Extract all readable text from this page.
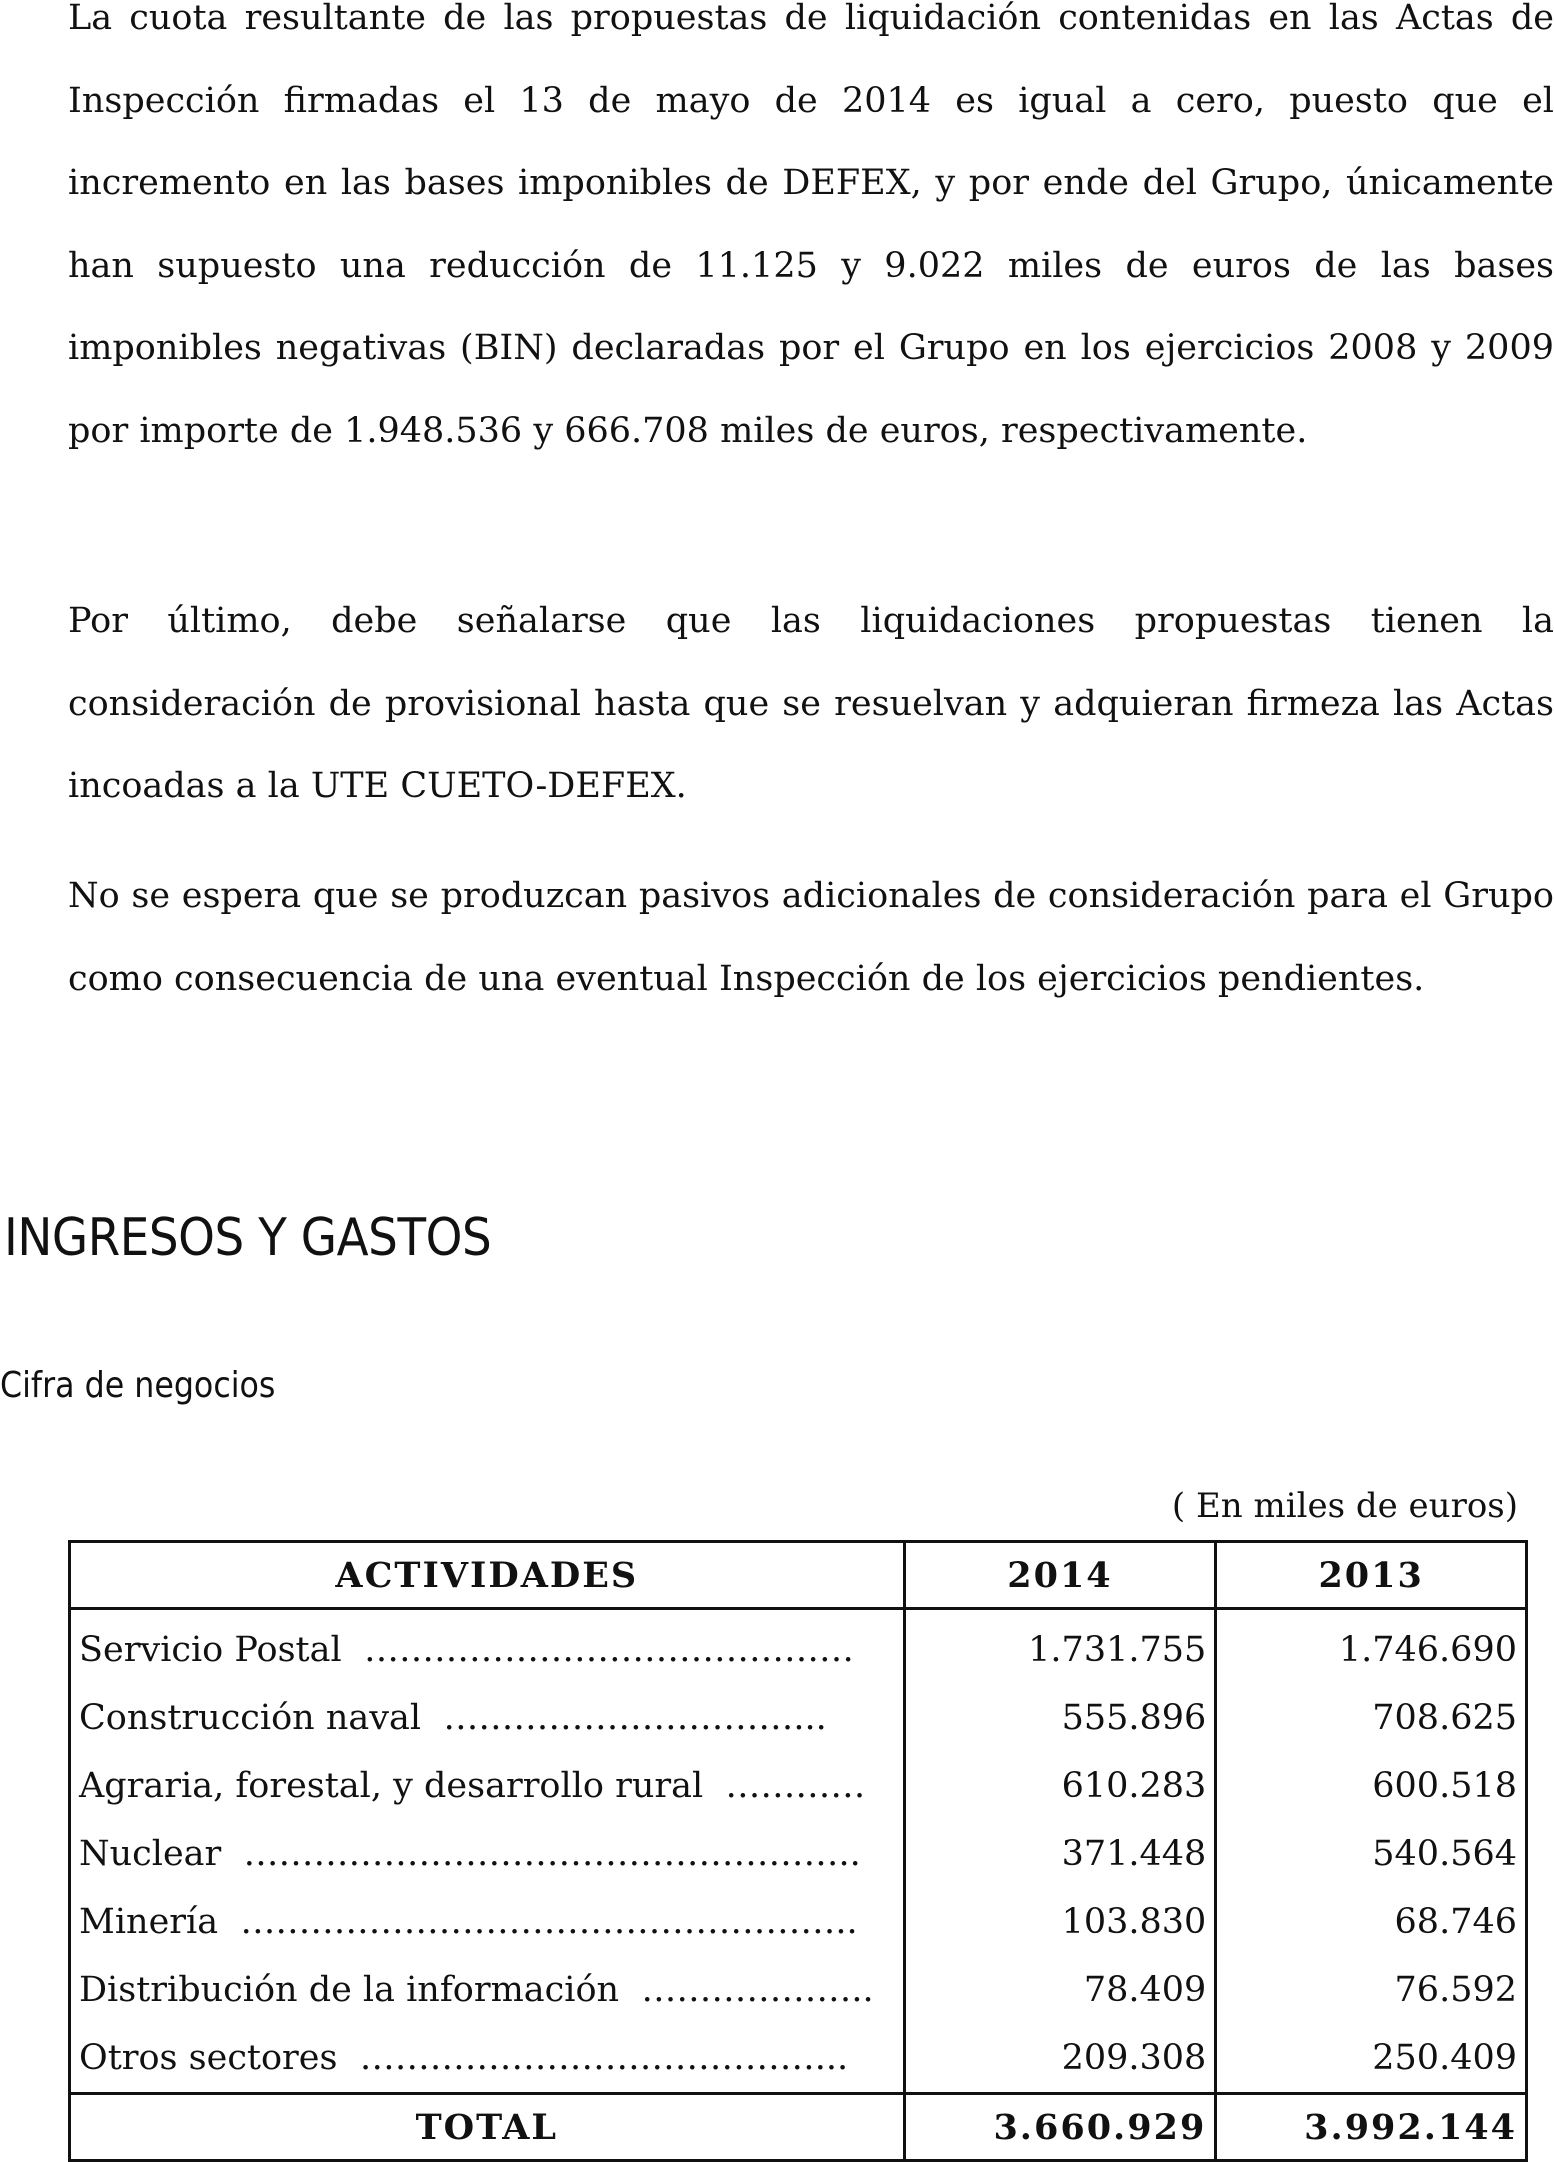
La cuota resultante de las propuestas de liquidación contenidas en las Actas de Inspección firmadas el 13 de mayo de 2014 es igual a cero, puesto que el incremento en las bases imponibles de DEFEX, y por ende del Grupo, únicamente han supuesto una reducción de 11.125 y 9.022 miles de euros de las bases imponibles negativas (BIN) declaradas por el Grupo en los ejercicios 2008 y 2009 por importe de 1.948.536 y 666.708 miles de euros, respectivamente.

Por último, debe señalarse que las liquidaciones propuestas tienen la consideración de provisional hasta que se resuelvan y adquieran firmeza las Actas incoadas a la UTE CUETO-DEFEX.

No se espera que se produzcan pasivos adicionales de consideración para el Grupo como consecuencia de una eventual Inspección de los ejercicios pendientes.

INGRESOS Y GASTOS
Cifra de negocios
( En miles de euros)
ACTIVIDADES	2014	2013
Servicio Postal ……………………………………	1.731.755	1.746.690
Construcción naval …………………………...	555.896	708.625
Agraria, forestal, y desarrollo rural …………	610.283	600.518
Nuclear ……………………………………………..	371.448	540.564
Minería ……………………………………………..	103.830	68.746
Distribución de la información ………………..	78.409	76.592
Otros sectores …………………………………...	209.308	250.409
TOTAL	3.660.929	3.992.144
